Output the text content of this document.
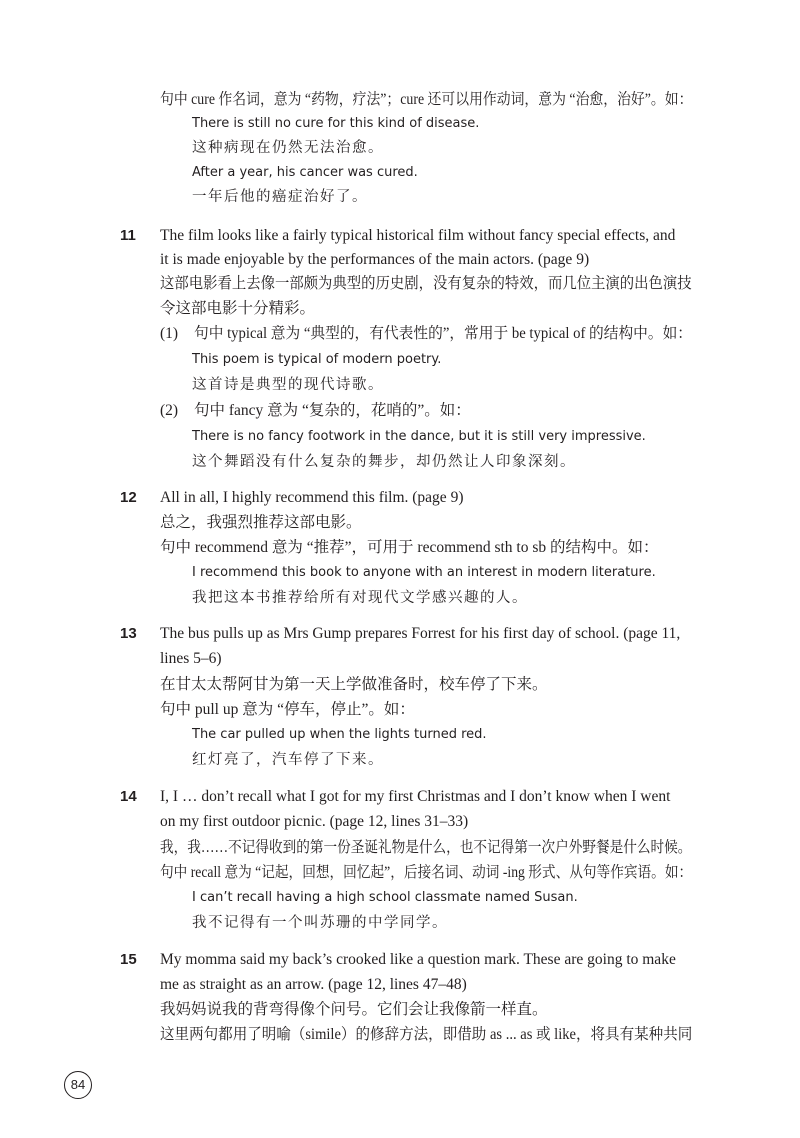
句中 cure 作名词，意为 “药物，疗法”；cure 还可以用作动词，意为 “治愈，治好”。如：
There is still no cure for this kind of disease.
这种病现在仍然无法治愈。
After a year, his cancer was cured.
一年后他的癌症治好了。
11 The film looks like a fairly typical historical film without fancy special effects, and
it is made enjoyable by the performances of the main actors. (page 9)
这部电影看上去像一部颇为典型的历史剧，没有复杂的特效，而几位主演的出色演技
令这部电影十分精彩。
(1) 句中 typical 意为 “典型的，有代表性的”，常用于 be typical of 的结构中。如：
This poem is typical of modern poetry.
这首诗是典型的现代诗歌。
(2) 句中 fancy 意为 “复杂的，花哨的”。如：
There is no fancy footwork in the dance, but it is still very impressive.
这个舞蹈没有什么复杂的舞步，却仍然让人印象深刻。
12 All in all, I highly recommend this film. (page 9)
总之，我强烈推荐这部电影。
句中 recommend 意为 “推荐”，可用于 recommend sth to sb 的结构中。如：
I recommend this book to anyone with an interest in modern literature.
我把这本书推荐给所有对现代文学感兴趣的人。
13 The bus pulls up as Mrs Gump prepares Forrest for his first day of school. (page 11,
lines 5–6)
在甘太太帮阿甘为第一天上学做准备时，校车停了下来。
句中 pull up 意为 “停车，停止”。如：
The car pulled up when the lights turned red.
红灯亮了，汽车停了下来。
14 I, I … don’t recall what I got for my first Christmas and I don’t know when I went
on my first outdoor picnic. (page 12, lines 31–33)
我，我……不记得收到的第一份圣诞礼物是什么，也不记得第一次户外野餐是什么时候。
句中 recall 意为 “记起，回想，回忆起”，后接名词、动词 -ing 形式、从句等作宾语。如：
I can’t recall having a high school classmate named Susan.
我不记得有一个叫苏珊的中学同学。
15 My momma said my back’s crooked like a question mark. These are going to make
me as straight as an arrow. (page 12, lines 47–48)
我妈妈说我的背弯得像个问号。它们会让我像箭一样直。
这里两句都用了明喻（simile）的修辞方法，即借助 as ... as 或 like，将具有某种共同
84
